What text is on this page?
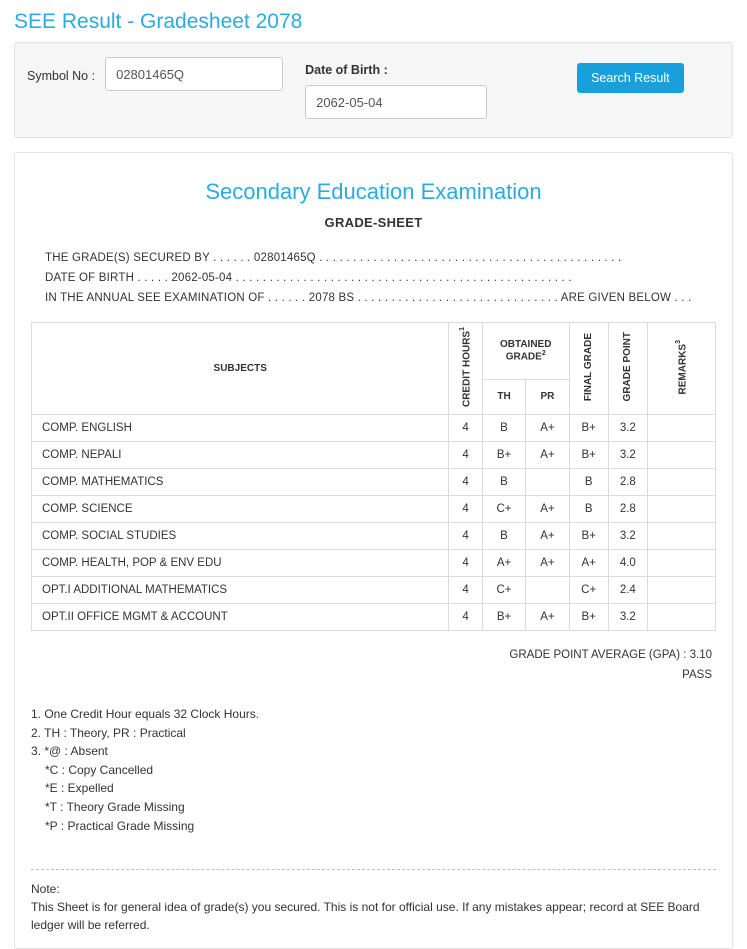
SEE Result - Gradesheet 2078
Symbol No :
02801465Q	Date of Birth :
2062-05-04
Search Result
Secondary Education Examination
GRADE-SHEET
THE GRADE(S) SECURED BY . . . . . . 02801465Q . . . . . . . . . . . . . . . . . . . . . . . . . . . . . . . . . . . . . . . . . . . . .
DATE OF BIRTH . . . . . 2062-05-04 . . . . . . . . . . . . . . . . . . . . . . . . . . . . . . . . . . . . . . . . . . . . . . . . . .
IN THE ANNUAL SEE EXAMINATION OF . . . . . . 2078 BS . . . . . . . . . . . . . . . . . . . . . . . . . . . . . . ARE GIVEN BELOW . . .
SUBJECTS	CREDIT HOURS$^1$	OBTAINED GRADE$^2$		FINAL GRADE	GRADE POINT	REMARKS$^3$
		TH	PR			
COMP. ENGLISH	4	B	A+	B+	3.2	
COMP. NEPALI	4	B+	A+	B+	3.2	
COMP. MATHEMATICS	4	B		B	2.8	
COMP. SCIENCE	4	C+	A+	B	2.8	
COMP. SOCIAL STUDIES	4	B	A+	B+	3.2	
COMP. HEALTH, POP & ENV EDU	4	A+	A+	A+	4.0	
OPT.I ADDITIONAL MATHEMATICS	4	C+		C+	2.4	
OPT.II OFFICE MGMT & ACCOUNT	4	B+	A+	B+	3.2	
GRADE POINT AVERAGE (GPA) : 3.10
PASS
1. One Credit Hour equals 32 Clock Hours.
2. TH : Theory, PR : Practical
3. *@ : Absent
*C : Copy Cancelled
*E : Expelled
*T : Theory Grade Missing
*P : Practical Grade Missing
Note:
This Sheet is for general idea of grade(s) you secured. This is not for official use. If any mistakes appear; record at SEE Board ledger will be referred.
